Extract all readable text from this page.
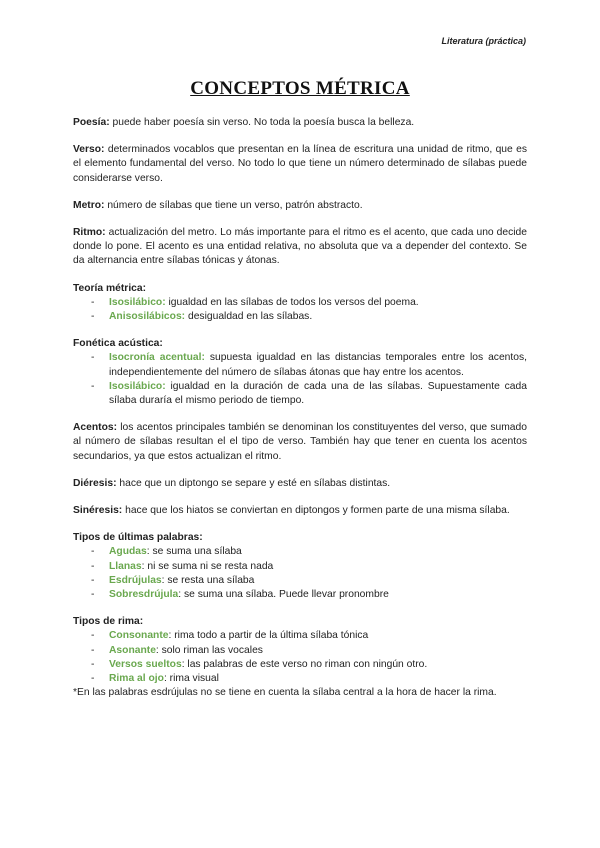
Literatura (práctica)
CONCEPTOS MÉTRICA

Poesía: puede haber poesía sin verso. No toda la poesía busca la belleza.

Verso: determinados vocablos que presentan en la línea de escritura una unidad de ritmo, que es el elemento fundamental del verso. No todo lo que tiene un número determinado de sílabas puede considerarse verso.

Metro: número de sílabas que tiene un verso, patrón abstracto.

Ritmo: actualización del metro. Lo más importante para el ritmo es el acento, que cada uno decide donde lo pone. El acento es una entidad relativa, no absoluta que va a depender del contexto. Se da alternancia entre sílabas tónicas y átonas.

Teoría métrica:

- Isosilábico: igualdad en las sílabas de todos los versos del poema.
- Anisosilábicos: desigualdad en las sílabas.

Fonética acústica:

- Isocronía acentual: supuesta igualdad en las distancias temporales entre los acentos, independientemente del número de sílabas átonas que hay entre los acentos.
- Isosilábico: igualdad en la duración de cada una de las sílabas. Supuestamente cada sílaba duraría el mismo periodo de tiempo.

Acentos: los acentos principales también se denominan los constituyentes del verso, que sumado al número de sílabas resultan el el tipo de verso. También hay que tener en cuenta los acentos secundarios, ya que estos actualizan el ritmo.

Diéresis: hace que un diptongo se separe y esté en sílabas distintas.

Sinéresis: hace que los hiatos se conviertan en diptongos y formen parte de una misma sílaba.

Tipos de últimas palabras:

- Agudas: se suma una sílaba
- Llanas: ni se suma ni se resta nada
- Esdrújulas: se resta una sílaba
- Sobresdrújula: se suma una sílaba. Puede llevar pronombre

Tipos de rima:

- Consonante: rima todo a partir de la última sílaba tónica
- Asonante: solo riman las vocales
- Versos sueltos: las palabras de este verso no riman con ningún otro.
- Rima al ojo: rima visual

*En las palabras esdrújulas no se tiene en cuenta la sílaba central a la hora de hacer la rima.
